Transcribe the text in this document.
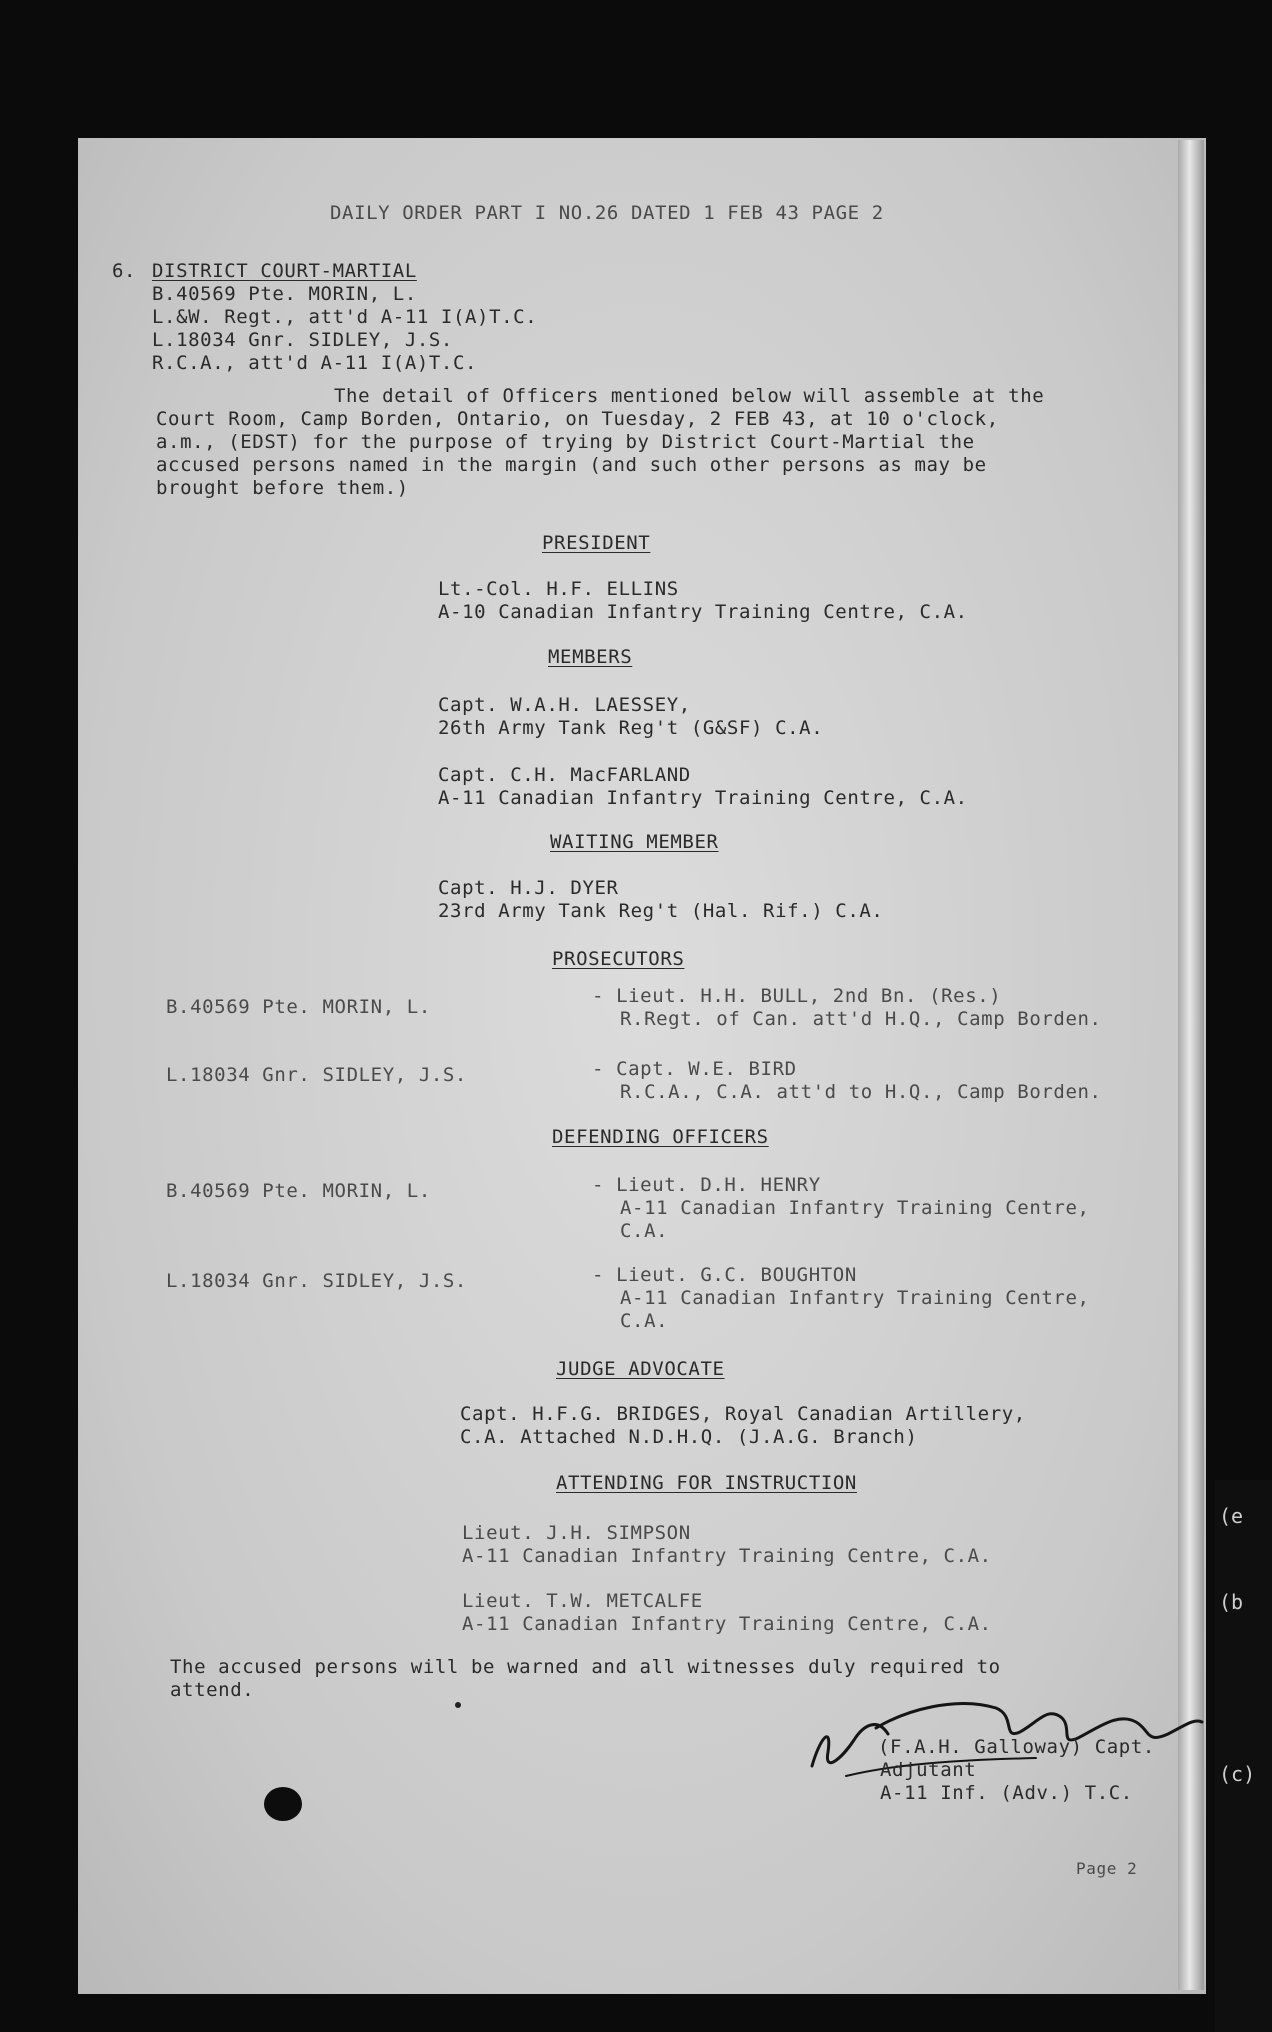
(e
(b
(c)
DAILY ORDER PART I NO.26 DATED 1 FEB 43 PAGE 2
6. DISTRICT COURT-MARTIAL
B.40569 Pte. MORIN, L.
L.&W. Regt., att'd A-11 I(A)T.C.
L.18034 Gnr. SIDLEY, J.S.
R.C.A., att'd A-11 I(A)T.C.
The detail of Officers mentioned below will assemble at the
Court Room, Camp Borden, Ontario, on Tuesday, 2 FEB 43, at 10 o'clock,
a.m., (EDST) for the purpose of trying by District Court-Martial the
accused persons named in the margin (and such other persons as may be
brought before them.)
PRESIDENT
Lt.-Col. H.F. ELLINS
A-10 Canadian Infantry Training Centre, C.A.
MEMBERS
Capt. W.A.H. LAESSEY,
26th Army Tank Reg't (G&SF) C.A.
Capt. C.H. MacFARLAND
A-11 Canadian Infantry Training Centre, C.A.
WAITING MEMBER
Capt. H.J. DYER
23rd Army Tank Reg't (Hal. Rif.) C.A.
PROSECUTORS
B.40569 Pte. MORIN, L.	- Lieut. H.H. BULL, 2nd Bn. (Res.)
R.Regt. of Can. att'd H.Q., Camp Borden.
L.18034 Gnr. SIDLEY, J.S.	- Capt. W.E. BIRD
R.C.A., C.A. att'd to H.Q., Camp Borden.
DEFENDING OFFICERS
B.40569 Pte. MORIN, L.	- Lieut. D.H. HENRY
A-11 Canadian Infantry Training Centre,
C.A.
L.18034 Gnr. SIDLEY, J.S.	- Lieut. G.C. BOUGHTON
A-11 Canadian Infantry Training Centre,
C.A.
JUDGE ADVOCATE
Capt. H.F.G. BRIDGES, Royal Canadian Artillery,
C.A. Attached N.D.H.Q. (J.A.G. Branch)
ATTENDING FOR INSTRUCTION
Lieut. J.H. SIMPSON
A-11 Canadian Infantry Training Centre, C.A.
Lieut. T.W. METCALFE
A-11 Canadian Infantry Training Centre, C.A.
The accused persons will be warned and all witnesses duly required to
attend.
(F.A.H. Galloway) Capt.
Adjutant
A-11 Inf. (Adv.) T.C.
Page 2
